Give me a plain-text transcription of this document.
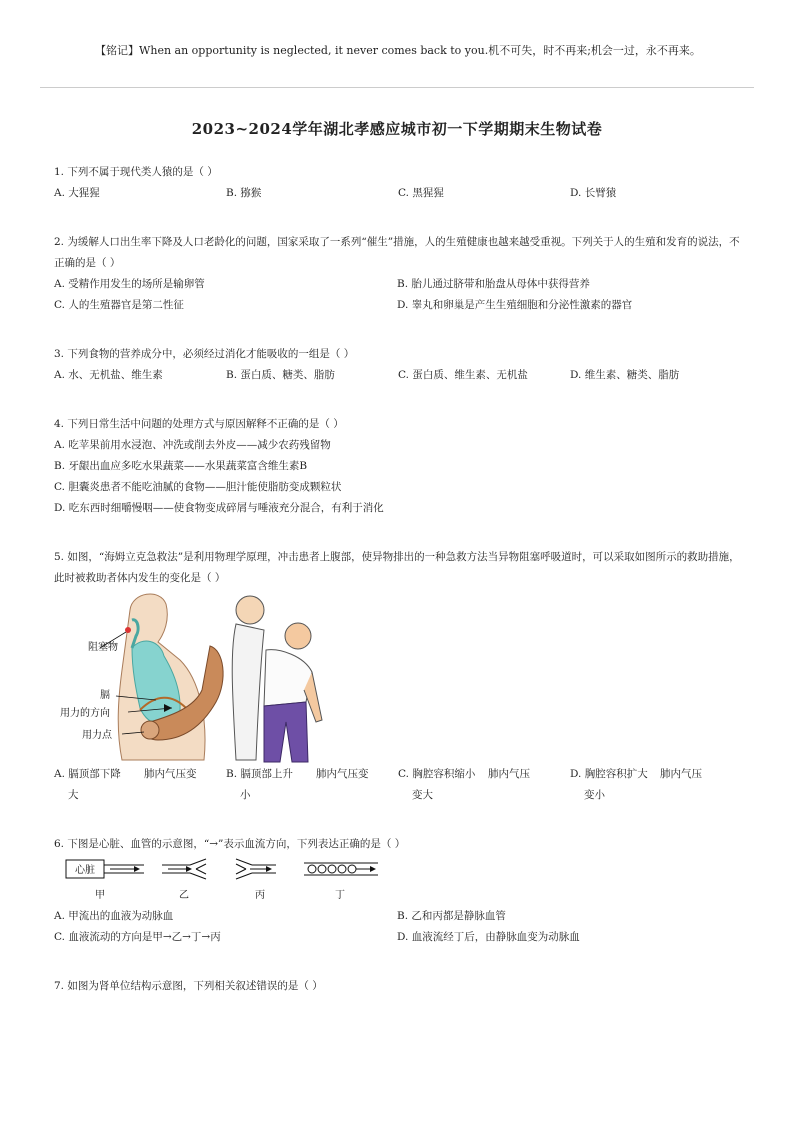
【铭记】When an opportunity is neglected, it never comes back to you.机不可失，时不再来;机会一过，永不再来。
2023~2024学年湖北孝感应城市初一下学期期末生物试卷
1. 下列不属于现代类人猿的是（ ）
A. 大猩猩	B. 猕猴	C. 黑猩猩	D. 长臂猿
2. 为缓解人口出生率下降及人口老龄化的问题，国家采取了一系列“催生”措施，人的生殖健康也越来越受重视。下列关于人的生殖和发育的说法，不正确的是（ ）
A. 受精作用发生的场所是输卵管	B. 胎儿通过脐带和胎盘从母体中获得营养
C. 人的生殖器官是第二性征	D. 睾丸和卵巢是产生生殖细胞和分泌性激素的器官
3. 下列食物的营养成分中，必须经过消化才能吸收的一组是（ ）
A. 水、无机盐、维生素	B. 蛋白质、糖类、脂肪	C. 蛋白质、维生素、无机盐	D. 维生素、糖类、脂肪
4. 下列日常生活中问题的处理方式与原因解释不正确的是（ ）
A. 吃苹果前用水浸泡、冲洗或削去外皮——减少农药残留物
B. 牙龈出血应多吃水果蔬菜——水果蔬菜富含维生素B
C. 胆囊炎患者不能吃油腻的食物——胆汁能使脂肪变成颗粒状
D. 吃东西时细嚼慢咽——使食物变成碎屑与唾液充分混合，有利于消化
5. 如图，“海姆立克急救法”是利用物理学原理，冲击患者上腹部，使异物排出的一种急救方法当异物阻塞呼吸道时，可以采取如图所示的救助措施，此时被救助者体内发生的变化是（ ）
阻塞物
膈
用力的方向
用力点
A. 膈顶部下降	肺内气压变
大
B. 膈顶部上升	肺内气压变
小
C. 胸腔容积缩小	肺内气压
变大
D. 胸腔容积扩大	肺内气压
变小
6. 下图是心脏、血管的示意图，“→”表示血流方向，下列表达正确的是（ ）
心脏
甲	乙	丙	丁
A. 甲流出的血液为动脉血	B. 乙和丙都是静脉血管
C. 血液流动的方向是甲→乙→丁→丙	D. 血液流经丁后，由静脉血变为动脉血
7. 如图为肾单位结构示意图，下列相关叙述错误的是（ ）
